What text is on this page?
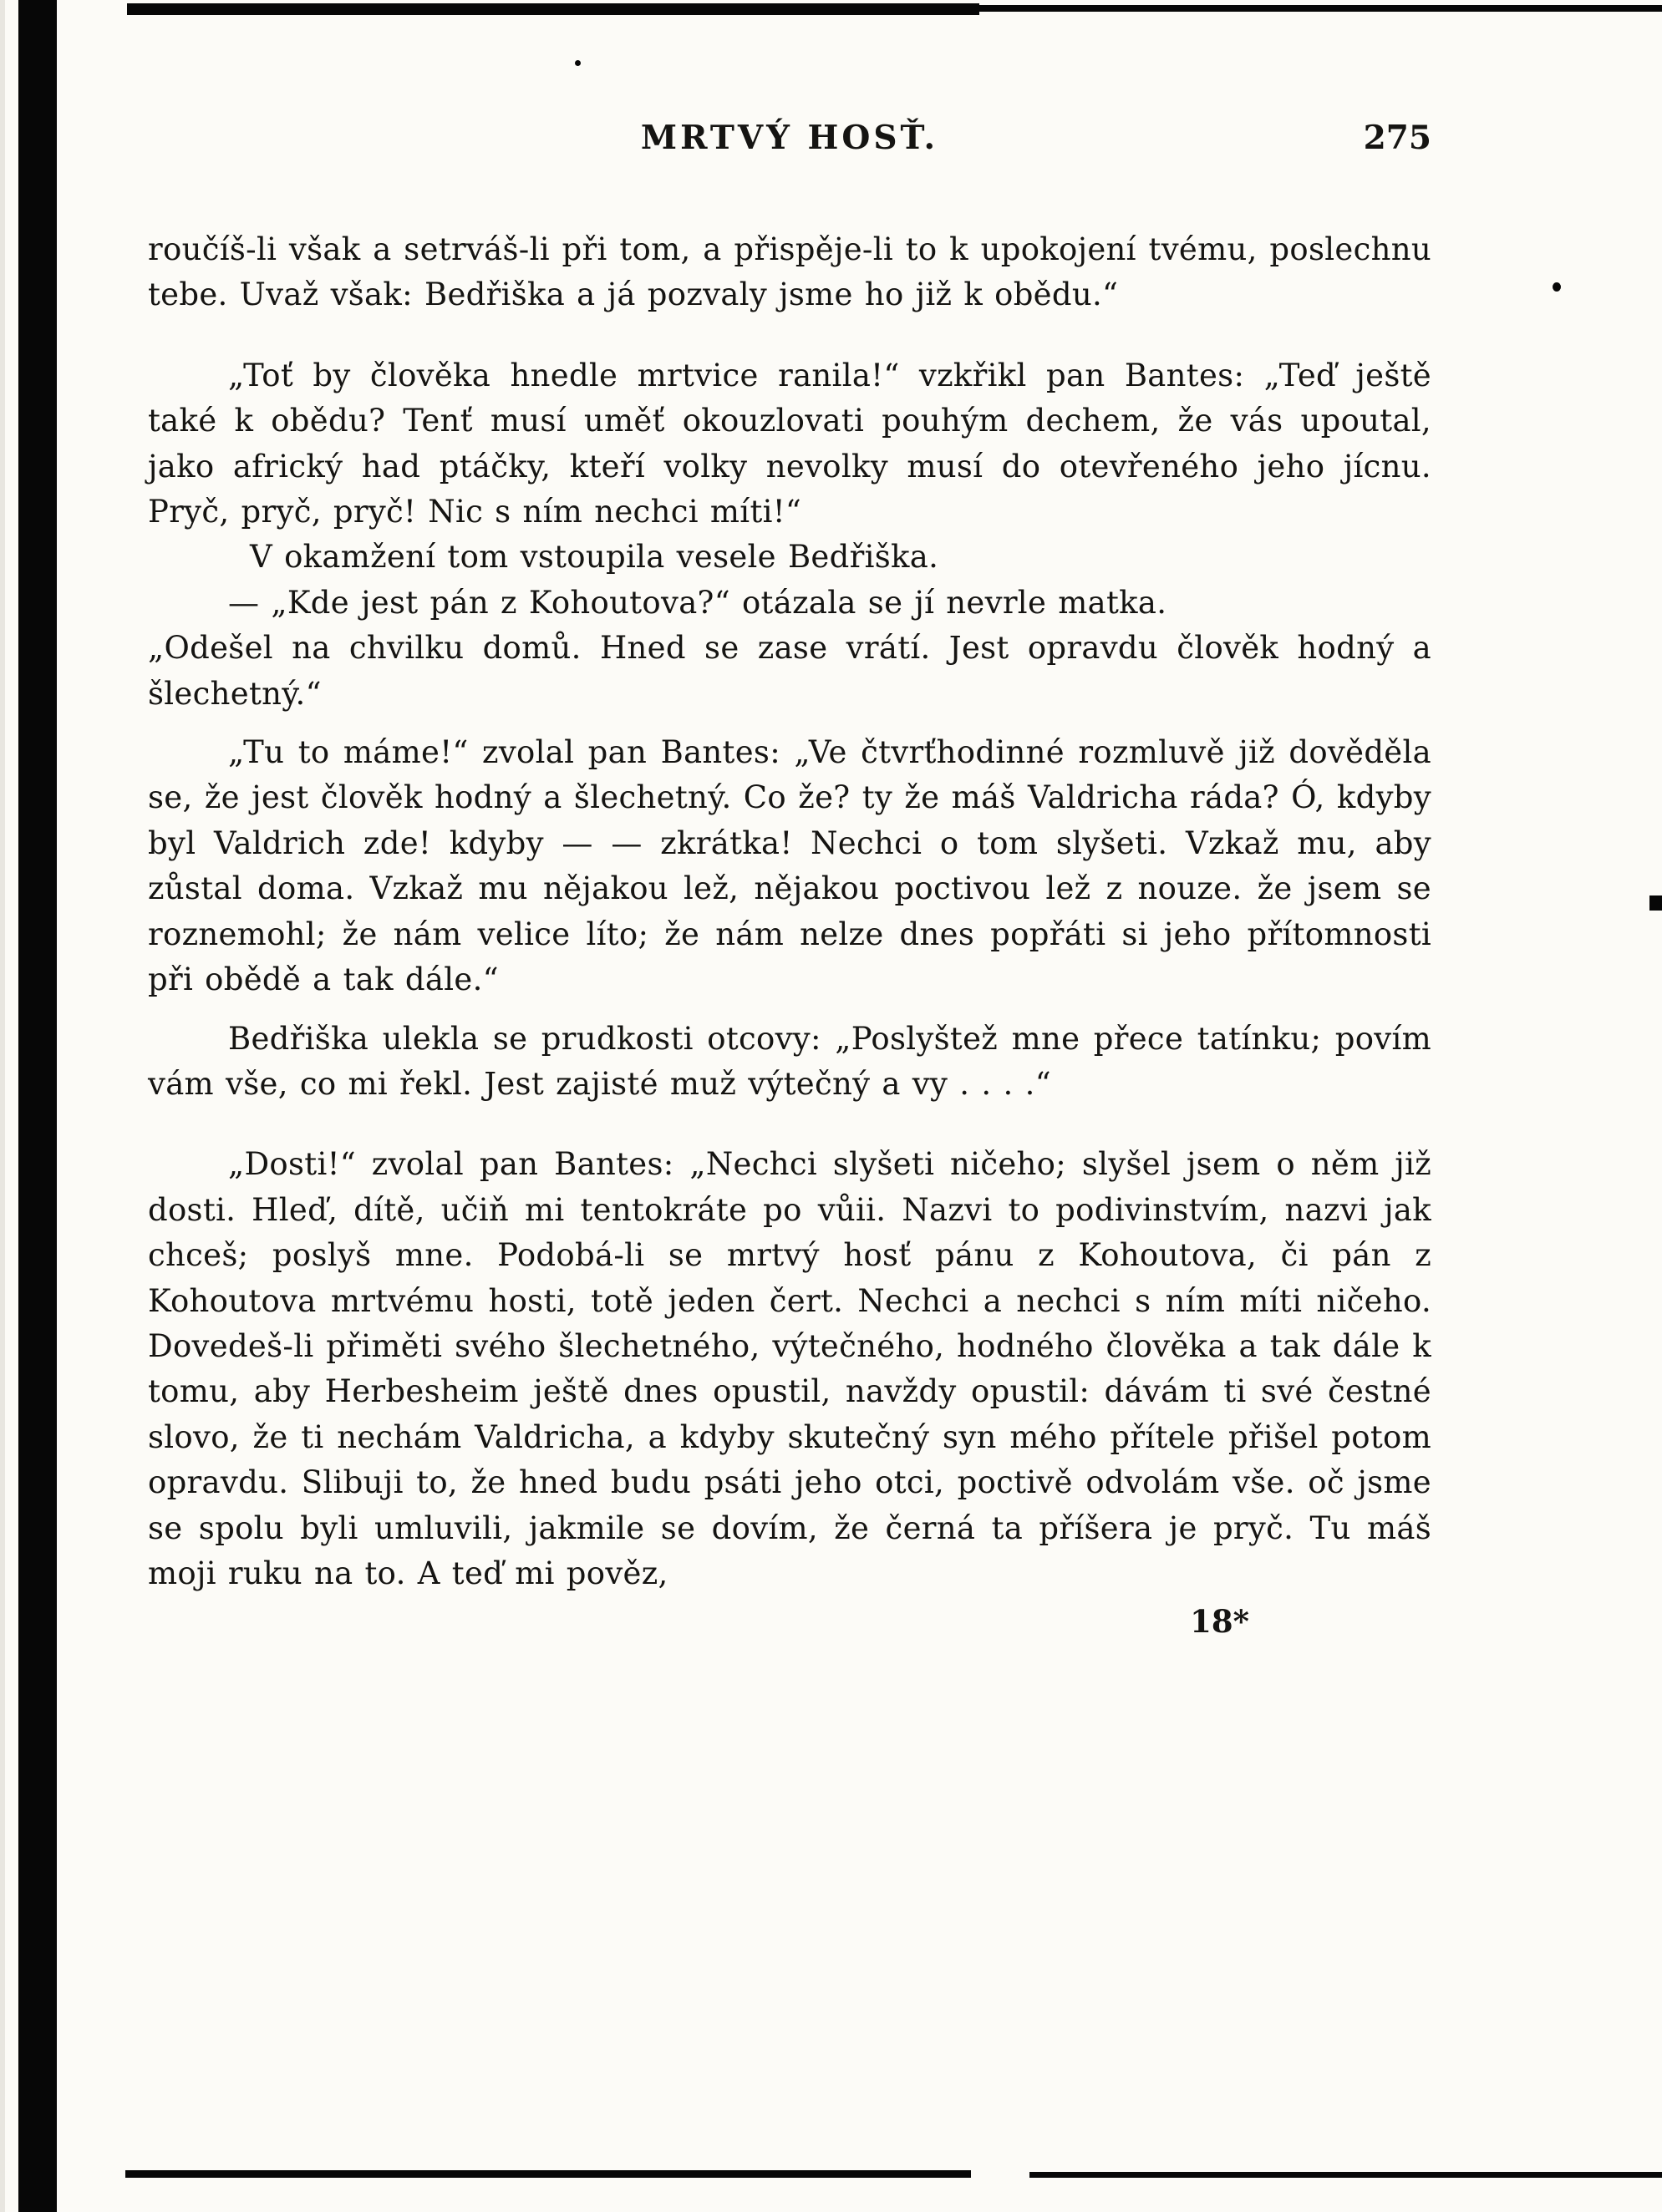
MRTVÝ HOSŤ.	275

roučíš-li však a setrváš-li při tom, a přispěje-li to k upokojení tvému, poslechnu tebe. Uvaž však: Bedřiška a já pozvaly jsme ho již k obědu.“

„Toť by člověka hnedle mrtvice ranila!“ vzkřikl pan Bantes: „Teď ještě také k obědu? Tenť musí uměť okouzlovati pouhým dechem, že vás upoutal, jako africký had ptáčky, kteří volky nevolky musí do otevřeného jeho jícnu. Pryč, pryč, pryč! Nic s ním nechci míti!“

V okamžení tom vstoupila vesele Bedřiška.

— „Kde jest pán z Kohoutova?“ otázala se jí nevrle matka.

„Odešel na chvilku domů. Hned se zase vrátí. Jest opravdu člověk hodný a šlechetný.“

„Tu to máme!“ zvolal pan Bantes: „Ve čtvrťhodinné rozmluvě již dověděla se, že jest člověk hodný a šlechetný. Co že? ty že máš Valdricha ráda? Ó, kdyby byl Valdrich zde! kdyby — — zkrátka! Nechci o tom slyšeti. Vzkaž mu, aby zůstal doma. Vzkaž mu nějakou lež, nějakou poctivou lež z nouze. že jsem se roznemohl; že nám velice líto; že nám nelze dnes popřáti si jeho přítomnosti při obědě a tak dále.“

Bedřiška ulekla se prudkosti otcovy: „Poslyštež mne přece tatínku; povím vám vše, co mi řekl. Jest zajisté muž výtečný a vy . . . .“

„Dosti!“ zvolal pan Bantes: „Nechci slyšeti ničeho; slyšel jsem o něm již dosti. Hleď, dítě, učiň mi tentokráte po vůii. Nazvi to podivinstvím, nazvi jak chceš; poslyš mne. Podobá-li se mrtvý hosť pánu z Kohoutova, či pán z Kohoutova mrtvému hosti, totě jeden čert. Nechci a nechci s ním míti ničeho. Dovedeš-li přiměti svého šlechetného, výtečného, hodného člověka a tak dále k tomu, aby Herbesheim ještě dnes opustil, navždy opustil: dávám ti své čestné slovo, že ti nechám Valdricha, a kdyby skutečný syn mého přítele přišel potom opravdu. Slibuji to, že hned budu psáti jeho otci, poctivě odvolám vše. oč jsme se spolu byli umluvili, jakmile se dovím, že černá ta příšera je pryč. Tu máš moji ruku na to. A teď mi pověz,

18*
